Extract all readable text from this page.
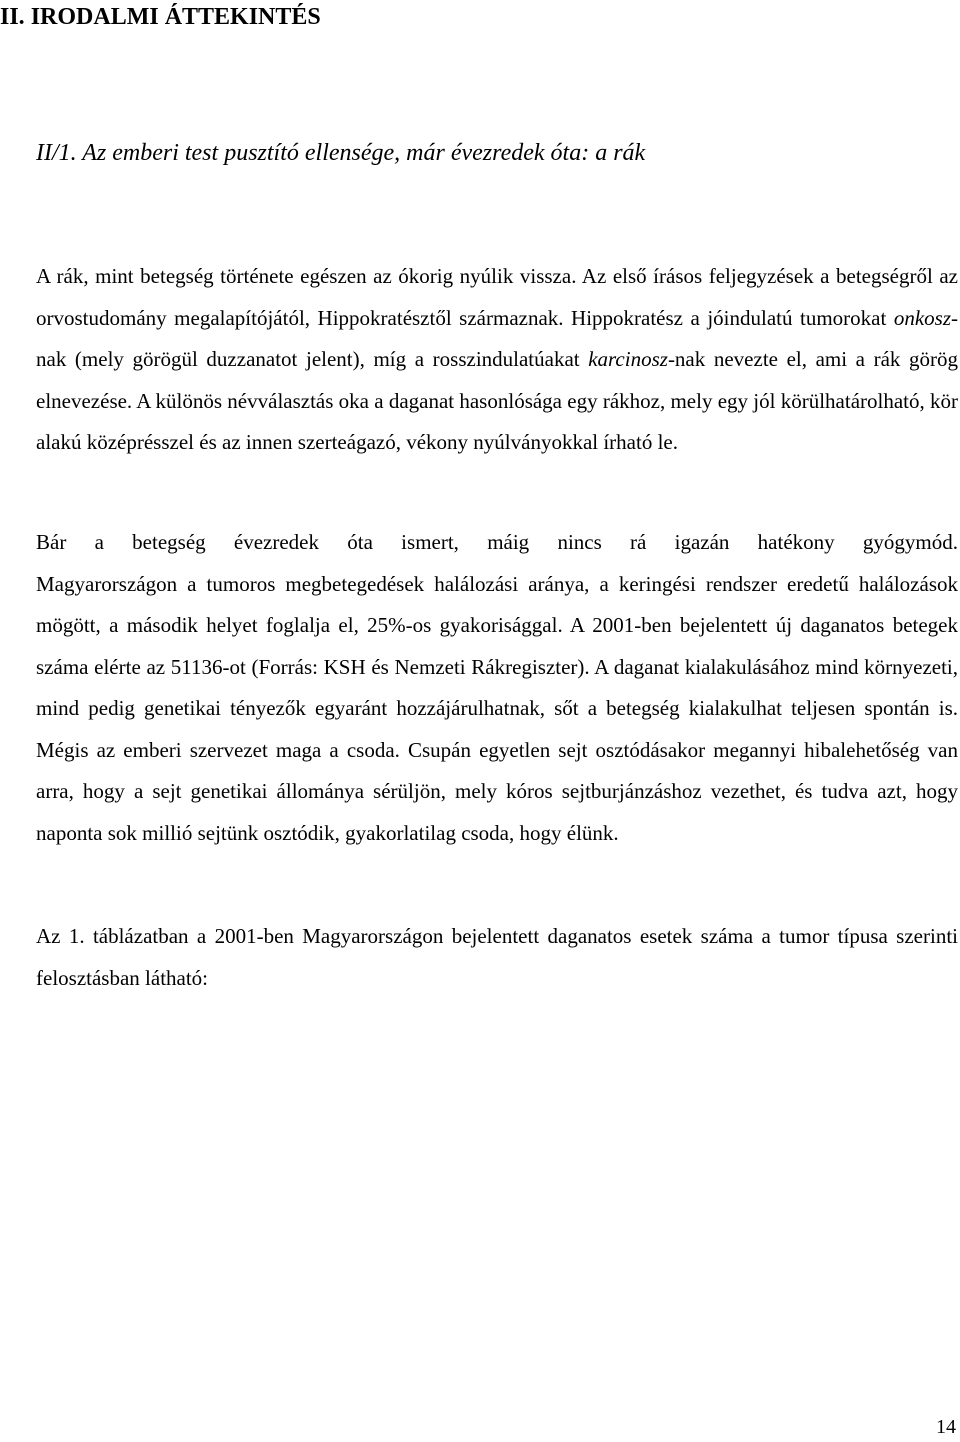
II. IRODALMI ÁTTEKINTÉS
II/1. Az emberi test pusztító ellensége, már évezredek óta: a rák

A rák, mint betegség története egészen az ókorig nyúlik vissza. Az első írásos feljegyzések a betegségről az orvostudomány megalapítójától, Hippokratésztől származnak. Hippokratész a jóindulatú tumorokat onkosz-nak (mely görögül duzzanatot jelent), míg a rosszindulatúakat karcinosz-nak nevezte el, ami a rák görög elnevezése. A különös névválasztás oka a daganat hasonlósága egy rákhoz, mely egy jól körülhatárolható, kör alakú középrésszel és az innen szerteágazó, vékony nyúlványokkal írható le.

Bár a betegség évezredek óta ismert, máig nincs rá igazán hatékony gyógymód.
Magyarországon a tumoros megbetegedések halálozási aránya, a keringési rendszer eredetű halálozások mögött, a második helyet foglalja el, 25%-os gyakorisággal. A 2001-ben bejelentett új daganatos betegek száma elérte az 51136-ot (Forrás: KSH és Nemzeti Rákregiszter). A daganat kialakulásához mind környezeti, mind pedig genetikai tényezők egyaránt hozzájárulhatnak, sőt a betegség kialakulhat teljesen spontán is. Mégis az emberi szervezet maga a csoda. Csupán egyetlen sejt osztódásakor megannyi hibalehetőség van arra, hogy a sejt genetikai állománya sérüljön, mely kóros sejtburjánzáshoz vezethet, és tudva azt, hogy naponta sok millió sejtünk osztódik, gyakorlatilag csoda, hogy élünk.

Az 1. táblázatban a 2001-ben Magyarországon bejelentett daganatos esetek száma a tumor típusa szerinti felosztásban látható:

14
